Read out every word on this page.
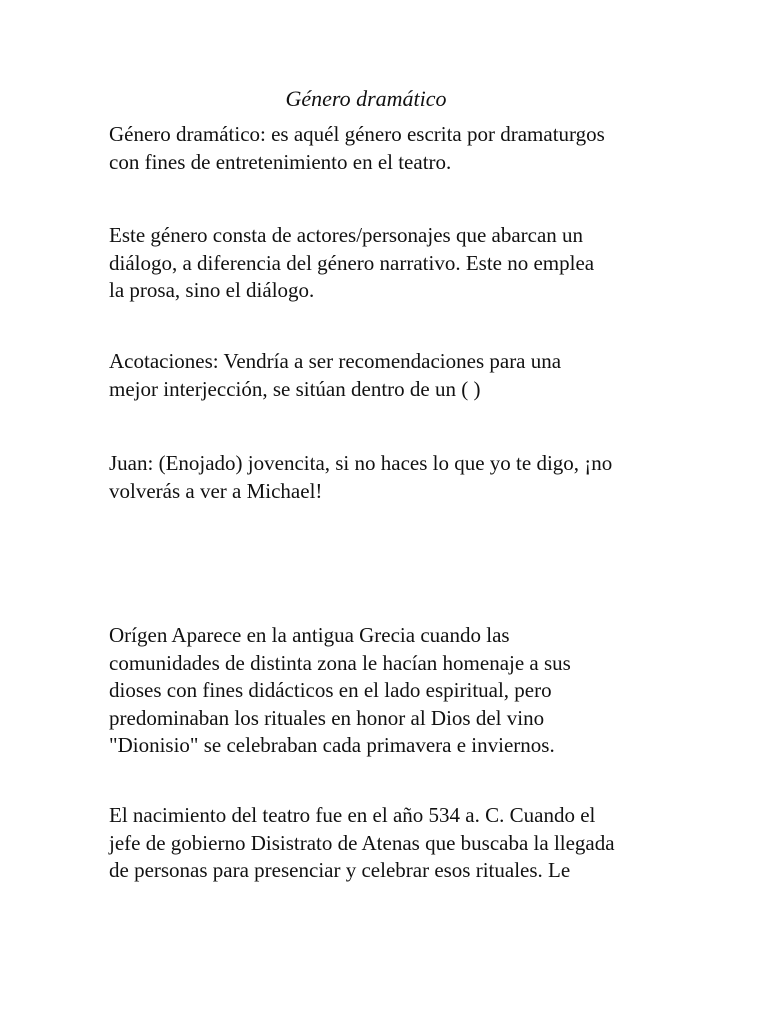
Género dramático

Género dramático: es aquél género escrita por dramaturgos
con fines de entretenimiento en el teatro.

Este género consta de actores/personajes que abarcan un
diálogo, a diferencia del género narrativo. Este no emplea
la prosa, sino el diálogo.

Acotaciones: Vendría a ser recomendaciones para una
mejor interjección, se sitúan dentro de un ( )

Juan: (Enojado) jovencita, si no haces lo que yo te digo, ¡no
volverás a ver a Michael!

Orígen Aparece en la antigua Grecia cuando las
comunidades de distinta zona le hacían homenaje a sus
dioses con fines didácticos en el lado espiritual, pero
predominaban los rituales en honor al Dios del vino
"Dionisio" se celebraban cada primavera e inviernos.

El nacimiento del teatro fue en el año 534 a. C. Cuando el
jefe de gobierno Disistrato de Atenas que buscaba la llegada
de personas para presenciar y celebrar esos rituales. Le
